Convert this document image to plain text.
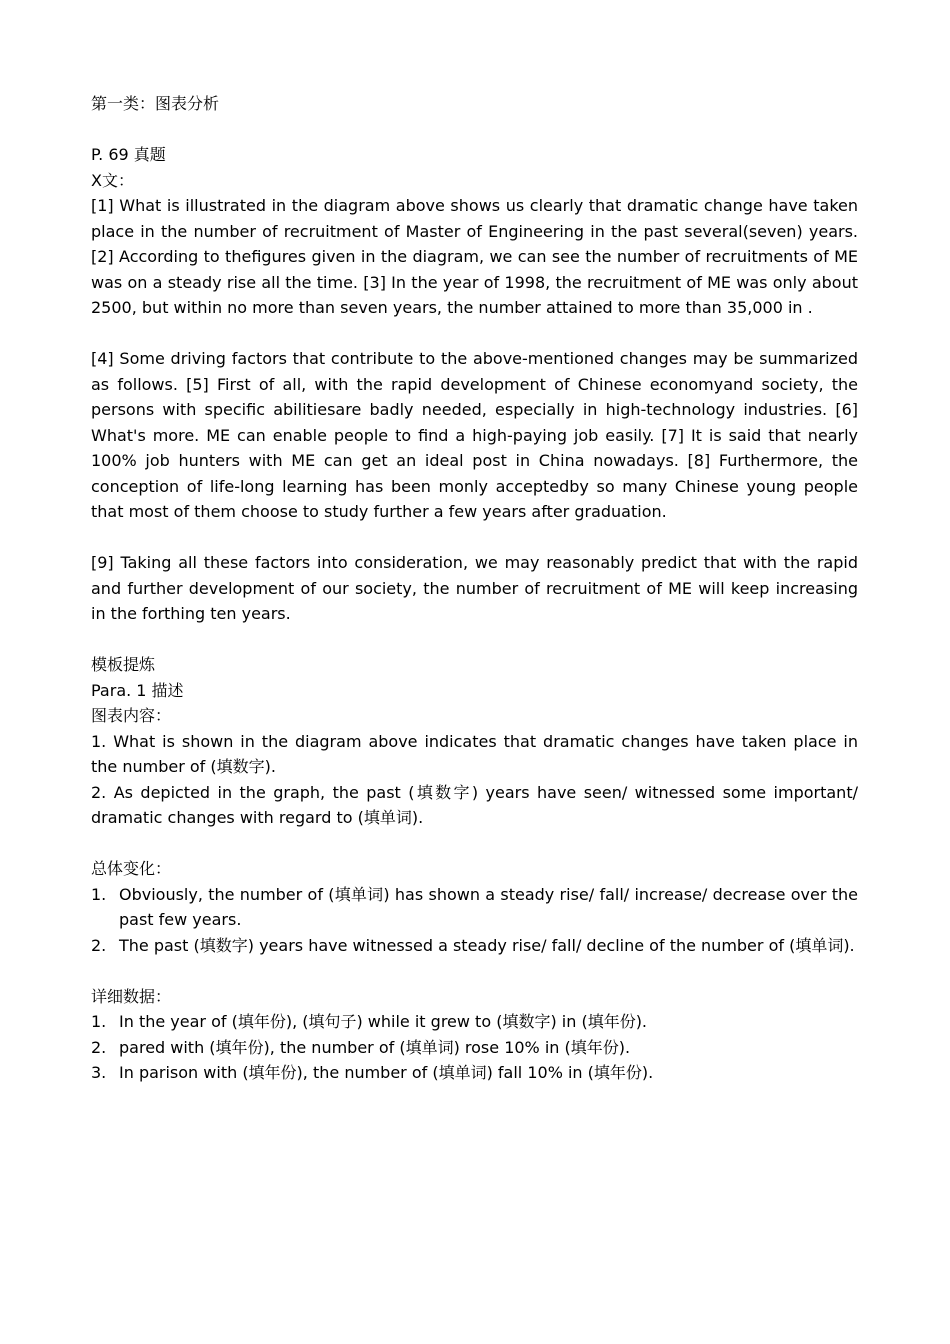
第一类：图表分析

P. 69 真题

X文：

[1] What is illustrated in the diagram above shows us clearly that dramatic change have taken place in the number of recruitment of Master of Engineering in the past several(seven) years. [2] According to thefigures given in the diagram, we can see the number of recruitments of ME was on a steady rise all the time. [3] In the year of 1998, the recruitment of ME was only about 2500, but within no more than seven years, the number attained to more than 35,000 in .

[4] Some driving factors that contribute to the above-mentioned changes may be summarized as follows. [5] First of all, with the rapid development of Chinese economyand society, the persons with specific abilitiesare badly needed, especially in high-technology industries. [6] What's more. ME can enable people to find a high-paying job easily. [7] It is said that nearly 100% job hunters with ME can get an ideal post in China nowadays. [8] Furthermore, the conception of life-long learning has been monly acceptedby so many Chinese young people that most of them choose to study further a few years after graduation.

[9] Taking all these factors into consideration, we may reasonably predict that with the rapid and further development of our society, the number of recruitment of ME will keep increasing in the forthing ten years.

模板提炼

Para. 1 描述

图表内容：

1. What is shown in the diagram above indicates that dramatic changes have taken place in the number of (填数字).

2. As depicted in the graph, the past (填数字) years have seen/ witnessed some important/ dramatic changes with regard to (填单词).

总体变化：

1. Obviously, the number of (填单词) has shown a steady rise/ fall/ increase/ decrease over the past few years.
2. The past (填数字) years have witnessed a steady rise/ fall/ decline of the number of (填单词).

详细数据：

1. In the year of (填年份), (填句子) while it grew to (填数字) in (填年份).
2. pared with (填年份), the number of (填单词) rose 10% in (填年份).
3. In parison with (填年份), the number of (填单词) fall 10% in (填年份).
